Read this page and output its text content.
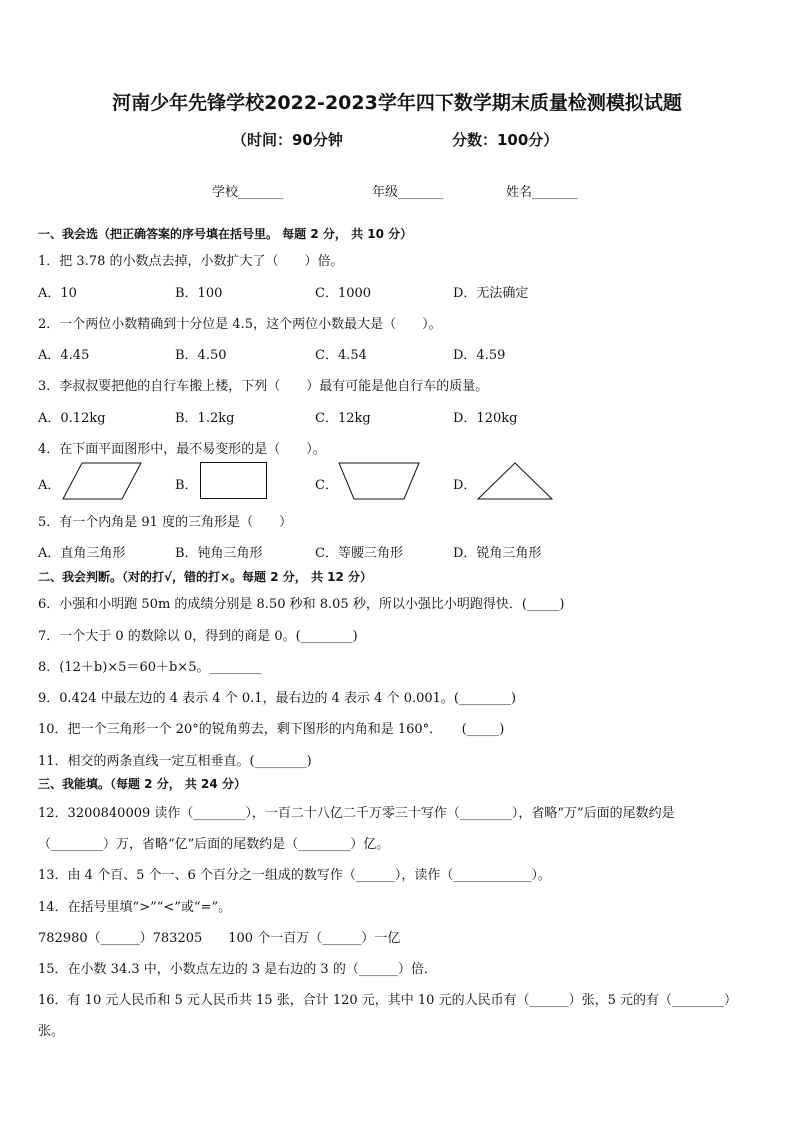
河南少年先锋学校2022-2023学年四下数学期末质量检测模拟试题
（时间：90分钟	分数：100分）
学校_______	年级_______	姓名_______
一、我会选（把正确答案的序号填在括号里。 每题 2 分， 共 10 分）
1．把 3.78 的小数点去掉，小数扩大了（　　）倍。
A．10	B．100	C．1000	D．无法确定
2．一个两位小数精确到十分位是 4.5，这个两位小数最大是（　　）。
A．4.45	B．4.50	C．4.54	D．4.59
3．李叔叔要把他的自行车搬上楼，下列（　　）最有可能是他自行车的质量。
A．0.12kg	B．1.2kg	C．12kg	D．120kg
4．在下面平面图形中，最不易变形的是（　　）。
A．	B．	C．	D．
5．有一个内角是 91 度的三角形是（　　）
A．直角三角形	B．钝角三角形	C．等腰三角形	D．锐角三角形
二、我会判断。（对的打√，错的打×。每题 2 分， 共 12 分）
6．小强和小明跑 50m 的成绩分别是 8.50 秒和 8.05 秒，所以小强比小明跑得快．(_____)
7．一个大于 0 的数除以 0，得到的商是 0。(________)
8．(12＋b)×5＝60＋b×5。________
9．0.424 中最左边的 4 表示 4 个 0.1，最右边的 4 表示 4 个 0.001。(________)
10．把一个三角形一个 20°的锐角剪去，剩下图形的内角和是 160°．　　(_____)
11．相交的两条直线一定互相垂直。(________)
三、我能填。（每题 2 分， 共 24 分）
12．3200840009 读作（________），一百二十八亿二千万零三十写作（________），省略“万”后面的尾数约是
（________）万，省略“亿”后面的尾数约是（________）亿。
13．由 4 个百、5 个一、6 个百分之一组成的数写作（______），读作（____________）。
14．在括号里填“>”“<”或“=”。
782980（______）783205　　100 个一百万（______）一亿
15．在小数 34.3 中，小数点左边的 3 是右边的 3 的（______）倍．
16．有 10 元人民币和 5 元人民币共 15 张，合计 120 元，其中 10 元的人民币有（______）张，5 元的有（________）
张。
